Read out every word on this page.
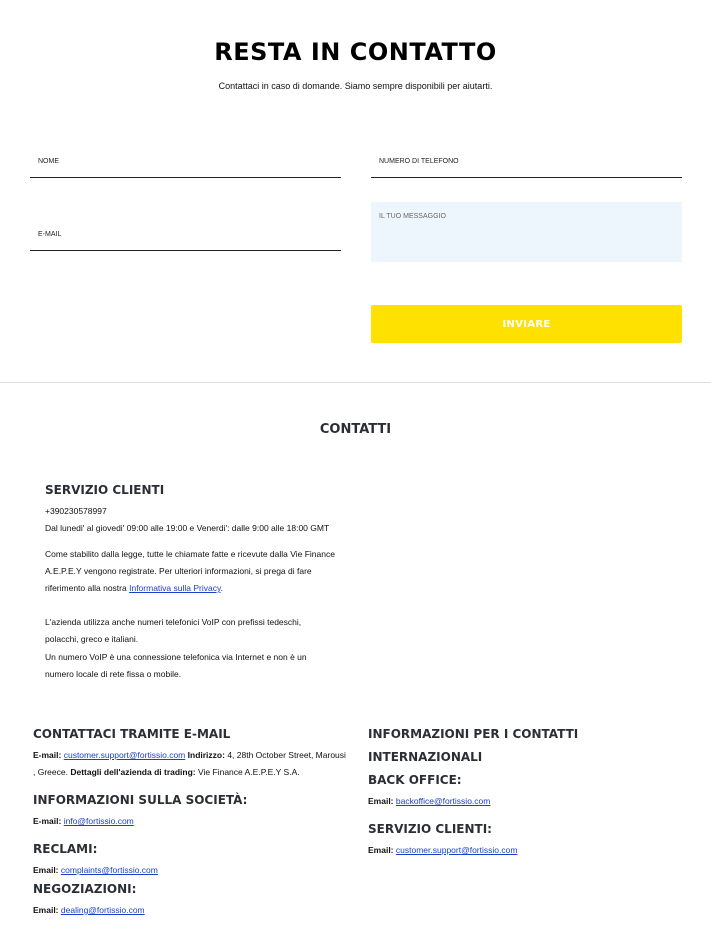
RESTA IN CONTATTO
Contattaci in caso di domande. Siamo sempre disponibili per aiutarti.
NOME	NUMERO DI TELEFONO
E-MAIL
IL TUO MESSAGGIO
INVIARE
CONTATTI
SERVIZIO CLIENTI
+390230578997
Dal lunedi' al giovedi' 09:00 alle 19:00 e Venerdi': dalle 9:00 alle 18:00 GMT
Come stabilito dalla legge, tutte le chiamate fatte e ricevute dalla Vie Finance A.E.P.E.Y vengono registrate. Per ulteriori informazioni, si prega di fare riferimento alla nostra Informativa sulla Privacy.
L'azienda utilizza anche numeri telefonici VoIP con prefissi tedeschi, polacchi, greco e italiani.
Un numero VoIP è una connessione telefonica via Internet e non è un numero locale di rete fissa o mobile.
CONTATTACI TRAMITE E-MAIL
E-mail: customer.support@fortissio.com Indirizzo: 4, 28th October Street, Marousi , Greece. Dettagli dell'azienda di trading: Vie Finance A.E.P.E.Y S.A.
INFORMAZIONI SULLA SOCIETÀ:
E-mail: info@fortissio.com
RECLAMI:
Email: complaints@fortissio.com
NEGOZIAZIONI:
Email: dealing@fortissio.com
INFORMAZIONI PER I CONTATTI
INTERNAZIONALI
BACK OFFICE:
Email: backoffice@fortissio.com
SERVIZIO CLIENTI:
Email: customer.support@fortissio.com
